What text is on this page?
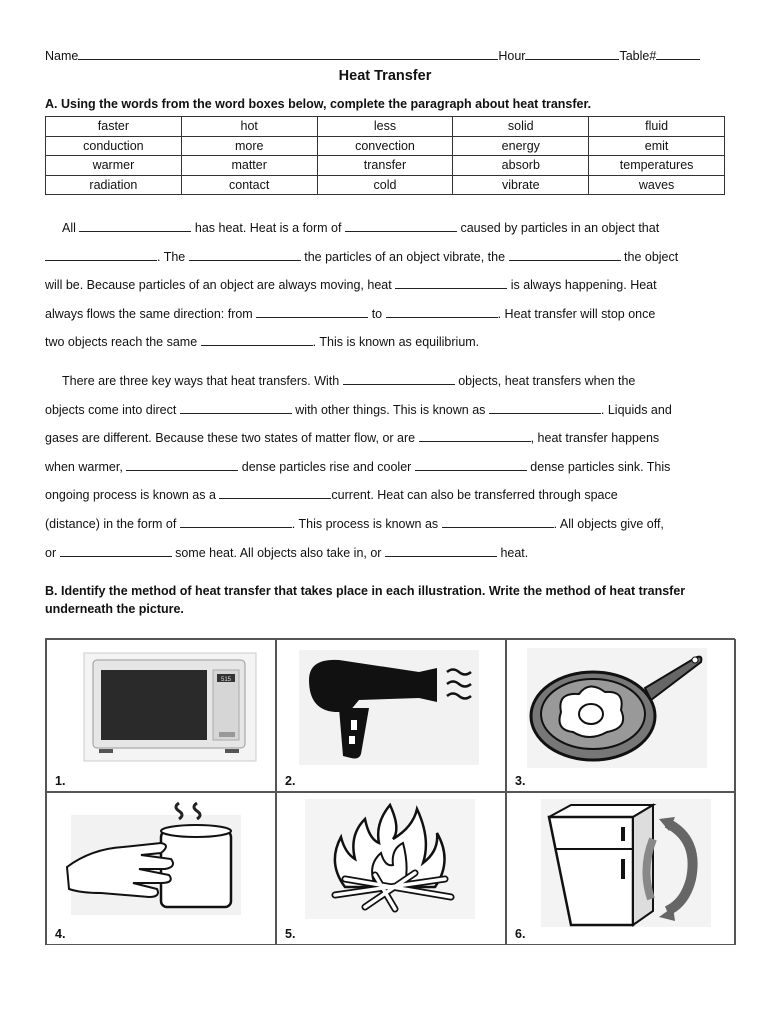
Name	Hour	Table#
Heat Transfer
A. Using the words from the word boxes below, complete the paragraph about heat transfer.
faster	hot	less	solid	fluid
conduction	more	convection	energy	emit
warmer	matter	transfer	absorb	temperatures
radiation	contact	cold	vibrate	waves
All	has heat. Heat is a form of	caused by particles in an object that
. The	the particles of an object vibrate, the	the object
will be. Because particles of an object are always moving, heat	is always happening. Heat
always flows the same direction: from	to	. Heat transfer will stop once
two objects reach the same	. This is known as equilibrium.
There are three key ways that heat transfers. With	objects, heat transfers when the
objects come into direct	with other things. This is known as	. Liquids and
gases are different. Because these two states of matter flow, or are	, heat transfer happens
when warmer,	dense particles rise and cooler	dense particles sink. This
ongoing process is known as a	current. Heat can also be transferred through space
(distance) in the form of	. This process is known as	. All objects give off,
or	some heat. All objects also take in, or	heat.
B. Identify the method of heat transfer that takes place in each illustration. Write the method of heat transfer underneath the picture.
515
1.	2.	3.
4.	5.	6.
